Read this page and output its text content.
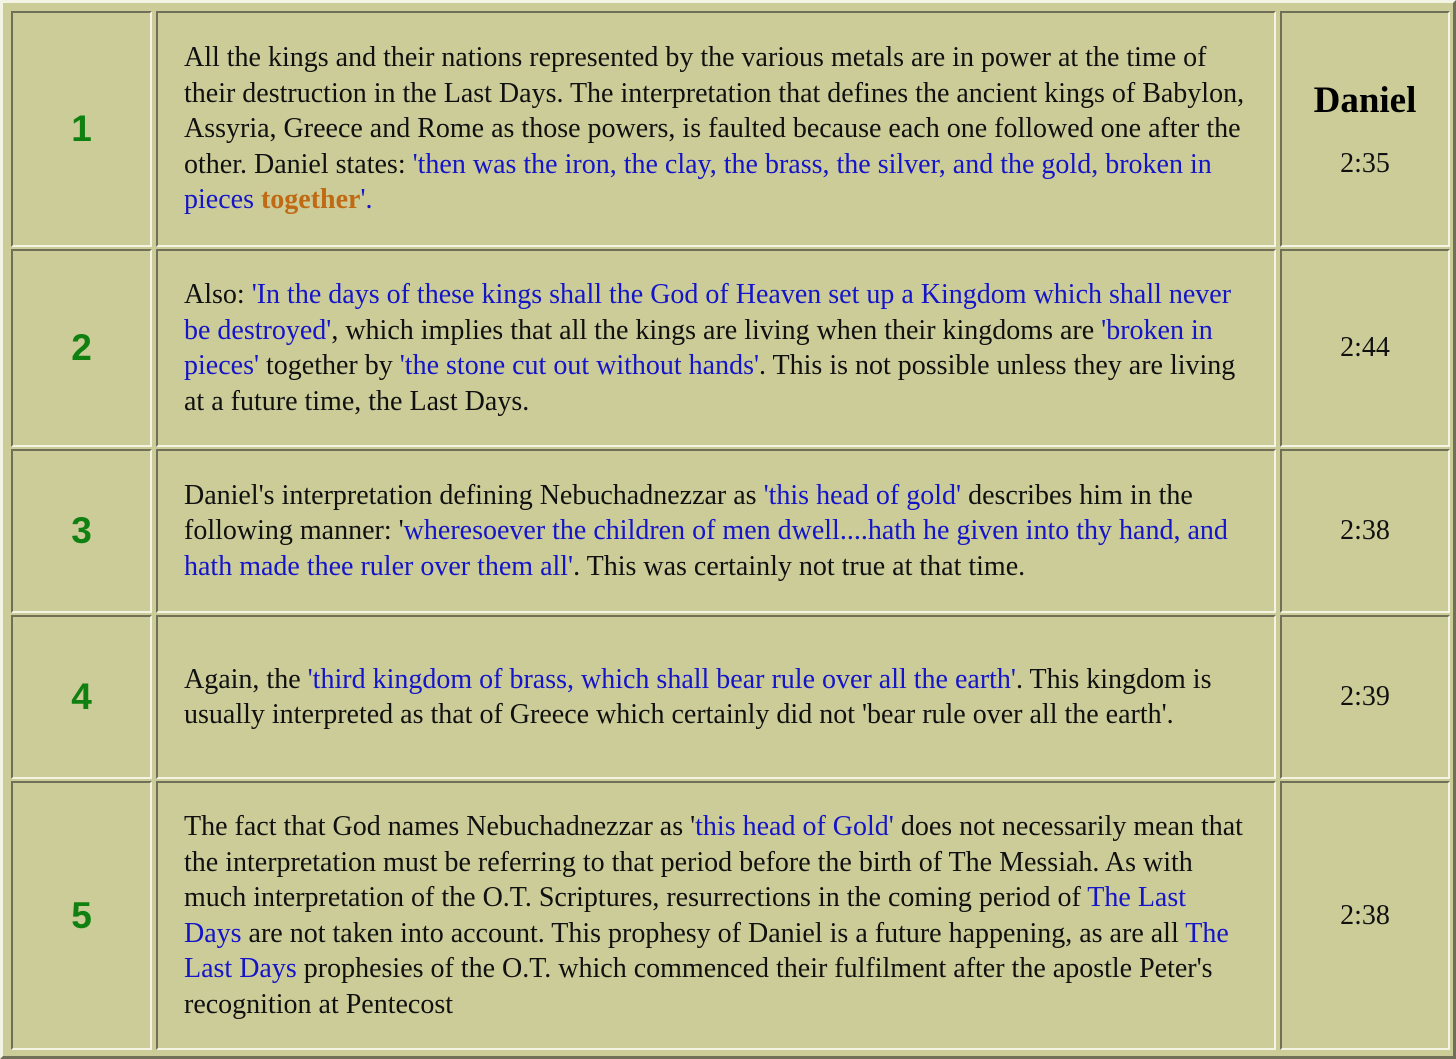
1
All the kings and their nations represented by the various metals are in power at the time of their destruction in the Last Days. The interpretation that defines the ancient kings of Babylon, Assyria, Greece and Rome as those powers, is faulted because each one followed one after the other. Daniel states: 'then was the iron, the clay, the brass, the silver, and the gold, broken in pieces together'.
Daniel
2:35
2
Also: 'In the days of these kings shall the God of Heaven set up a Kingdom which shall never be destroyed', which implies that all the kings are living when their kingdoms are 'broken in pieces' together by 'the stone cut out without hands'. This is not possible unless they are living at a future time, the Last Days.
2:44
3
Daniel's interpretation defining Nebuchadnezzar as 'this head of gold' describes him in the following manner: 'wheresoever the children of men dwell....hath he given into thy hand, and hath made thee ruler over them all'. This was certainly not true at that time.
2:38
4	Again, the 'third kingdom of brass, which shall bear rule over all the earth'. This kingdom is usually interpreted as that of Greece which certainly did not 'bear rule over all the earth'.
2:39
5
The fact that God names Nebuchadnezzar as 'this head of Gold' does not necessarily mean that the interpretation must be referring to that period before the birth of The Messiah. As with much interpretation of the O.T. Scriptures, resurrections in the coming period of The Last Days are not taken into account. This prophesy of Daniel is a future happening, as are all The Last Days prophesies of the O.T. which commenced their fulfilment after the apostle Peter's recognition at Pentecost
2:38
